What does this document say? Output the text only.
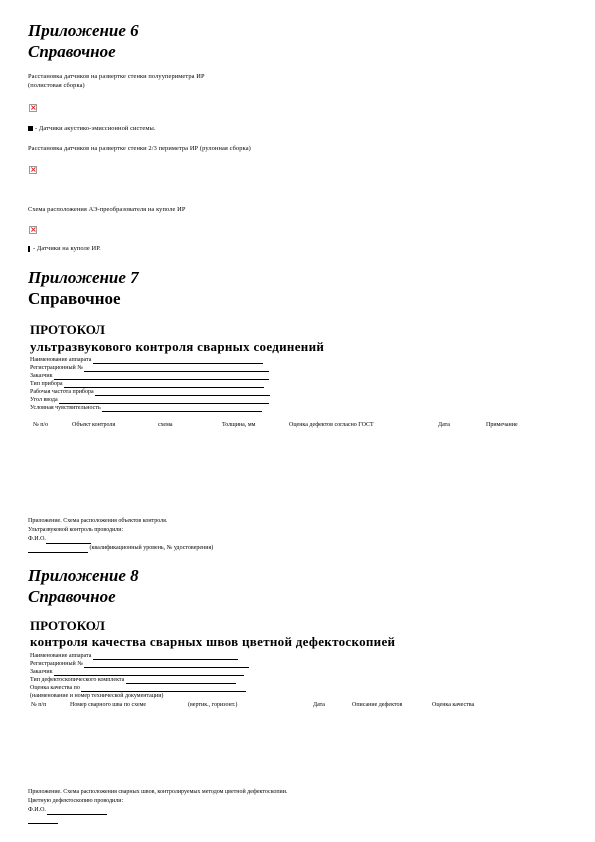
Приложение 6
Справочное
Расстановка датчиков на развертке стенки полуупериметра ИР
(полистовая сборка)
×
- Датчики акустико-эмиссионной системы.
Расстановка датчиков на развертке стенки 2/3 периметра ИР (рулонная сборка)
×
Схема расположения АЭ-преобразователя на куполе ИР
×
- Датчики на куполе ИР.
Приложение 7
Справочное
ПРОТОКОЛ
ультразвукового контроля сварных соединений
Наименование аппарата
Регистрационный №
Заказчик
Тип прибора
Рабочая частота прибора
Угол ввода
Условная чувствительность
№ п/о	Объект контроля	схема	Толщина, мм	Оценка дефектов согласно ГОСТ	Дата	Примечание
Приложение. Схема расположения объектов контроля.
Ультразвуковой контроль проводили:
Ф.И.О.
(квалификационный уровень, № удостоверения)
Приложение 8
Справочное
ПРОТОКОЛ
контроля качества сварных швов цветной дефектоскопией
Наименование аппарата
Регистрационный №
Заказчик
Тип дефектоскопического комплекта
Оценка качества по
(наименование и номер технической документации)
№ п/п	Номер сварного шва по схеме	(вертик., горизонт.)	Дата	Описание дефектов	Оценка качества
Приложение. Схема расположения сварных швов, контролируемых методом цветной дефектоскопии.
Цветную дефектоскопию проводили:
Ф.И.О.
